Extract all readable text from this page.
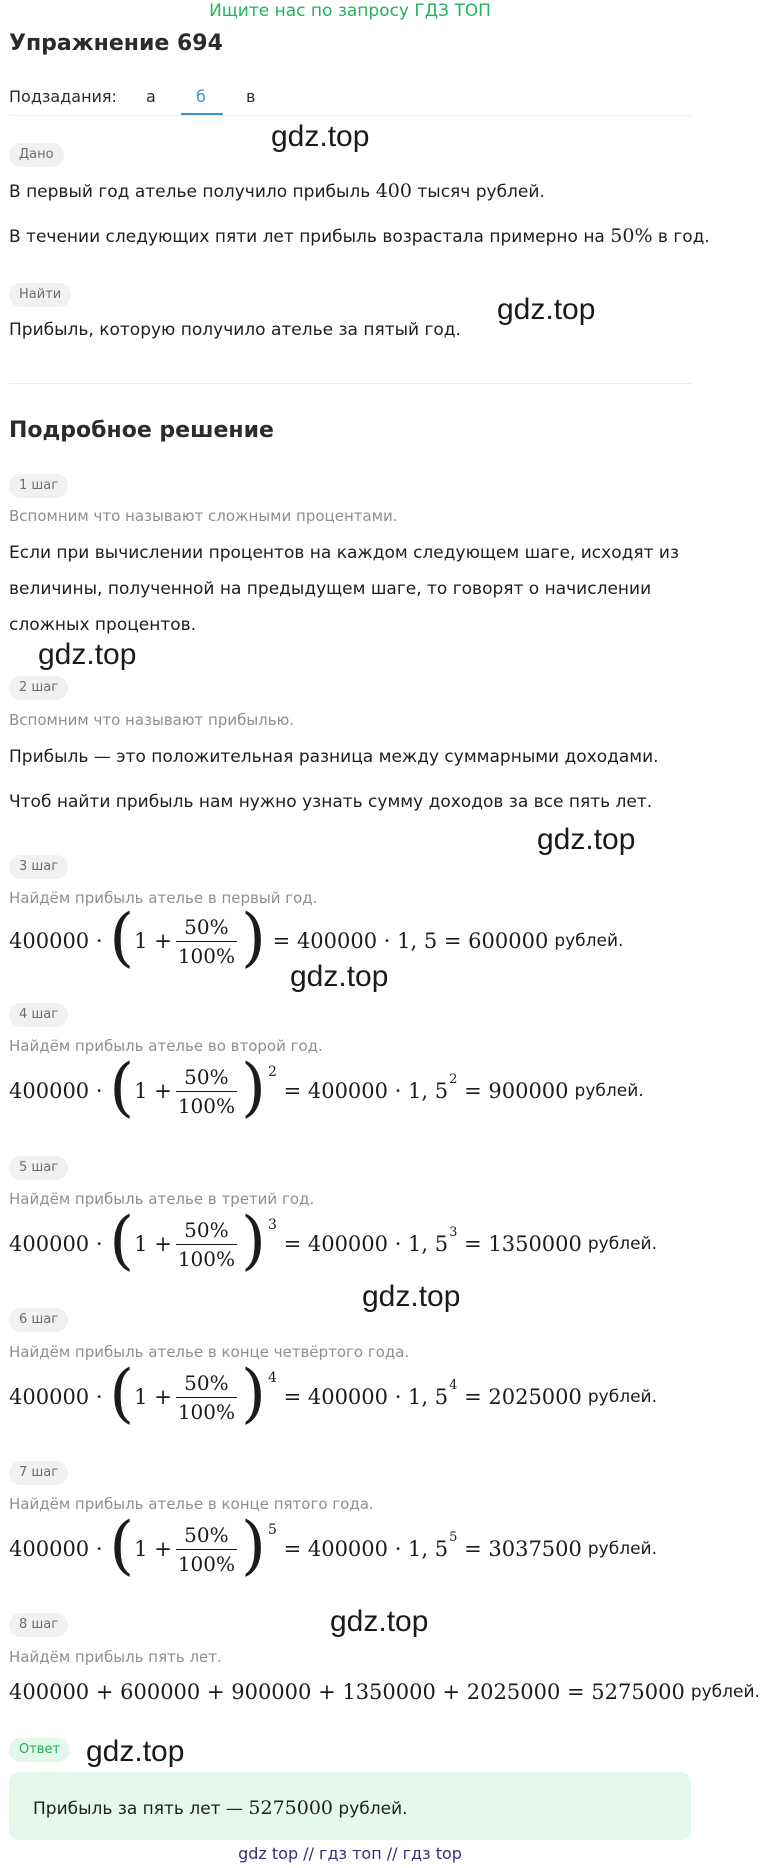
Ищите нас по запросу ГДЗ ТОП
Упражнение 694
Подзадания: а	б	в
Дано
gdz.top
В первый год ателье получило прибыль 400 тысяч рублей.
В течении следующих пяти лет прибыль возрастала примерно на 50% в год.
Найти	gdz.top
Прибыль, которую получило ателье за пятый год.
Подробное решение
1 шаг
Вспомним что называют сложными процентами.
Если при вычислении процентов на каждом следующем шаге, исходят из
величины, полученной на предыдущем шаге, то говорят о начислении
сложных процентов.
gdz.top
2 шаг
Вспомним что называют прибылью.
Прибыль — это положительная разница между суммарными доходами.
Чтоб найти прибыль нам нужно узнать сумму доходов за все пять лет.
gdz.top
3 шаг
Найдём прибыль ателье в первый год.
400000 ·
( $1 + \frac{50\%}{100\%}$ )
= 400000 · 1, 5 = 600000 рублей.
gdz.top
4 шаг
Найдём прибыль ателье во второй год.
400000 ·
( $1 + \frac{50\%}{100\%}$ ) 2

= 400000 · 1, 5 2
= 900000 рублей.
5 шаг
Найдём прибыль ателье в третий год.
400000 ·
( $1 + \frac{50\%}{100\%}$ ) 3

= 400000 · 1, 5 3
= 1350000 рублей.
gdz.top
6 шаг
Найдём прибыль ателье в конце четвёртого года.
400000 ·
( $1 + \frac{50\%}{100\%}$ ) 4

= 400000 · 1, 5 4
= 2025000 рублей.
7 шаг
Найдём прибыль ателье в конце пятого года.
400000 ·
( $1 + \frac{50\%}{100\%}$ ) 5

= 400000 · 1, 5 5
= 3037500 рублей.
8 шаг	gdz.top
Найдём прибыль пять лет.
400000 + 600000 + 900000 + 1350000 + 2025000 = 5275000 рублей.
Ответ gdz.top
Прибыль за пять лет — 5275000 рублей.
gdz top // гдз топ // гдз top
